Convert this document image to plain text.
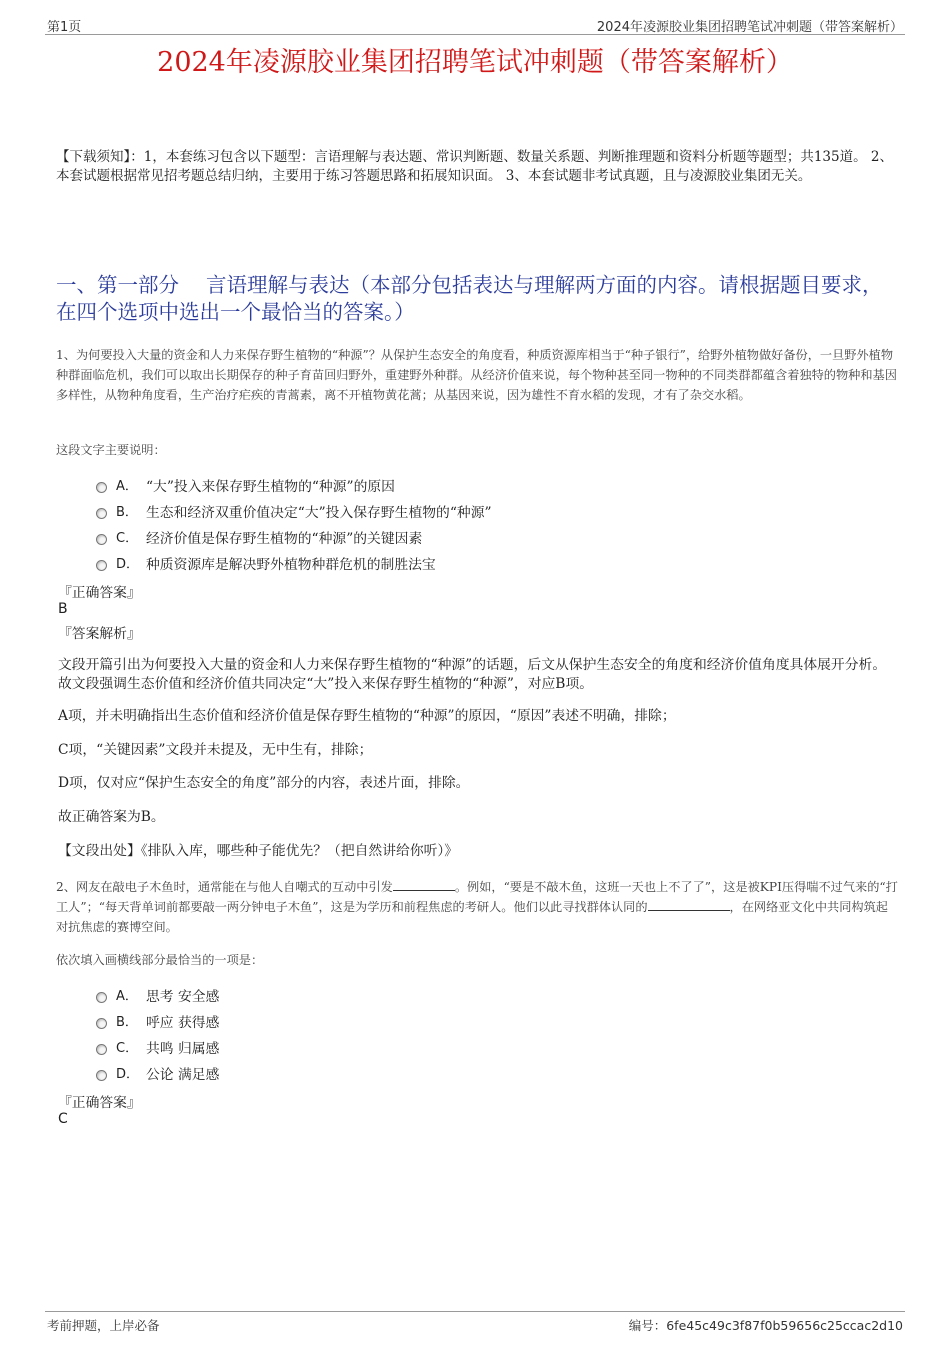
第1页	2024年凌源胶业集团招聘笔试冲刺题（带答案解析）
2024年凌源胶业集团招聘笔试冲刺题（带答案解析）
【下载须知】：1，本套练习包含以下题型：言语理解与表达题、常识判断题、数量关系题、判断推理题和资料分析题等题型；共135道。 2、本套试题根据常见招考题总结归纳，主要用于练习答题思路和拓展知识面。 3、本套试题非考试真题，且与凌源胶业集团无关。
一、第一部分　 言语理解与表达（本部分包括表达与理解两方面的内容。请根据题目要求，在四个选项中选出一个最恰当的答案。）
1、为何要投入大量的资金和人力来保存野生植物的“种源”？从保护生态安全的角度看，种质资源库相当于“种子银行”，给野外植物做好备份，一旦野外植物种群面临危机，我们可以取出长期保存的种子育苗回归野外，重建野外种群。从经济价值来说，每个物种甚至同一物种的不同类群都蕴含着独特的物种和基因多样性，从物种角度看，生产治疗疟疾的青蒿素，离不开植物黄花蒿；从基因来说，因为雄性不育水稻的发现，才有了杂交水稻。
这段文字主要说明：
A． “大”投入来保存野生植物的“种源”的原因
B． 生态和经济双重价值决定“大”投入保存野生植物的“种源”
C． 经济价值是保存野生植物的“种源”的关键因素
D． 种质资源库是解决野外植物种群危机的制胜法宝
『正确答案』
B
『答案解析』
文段开篇引出为何要投入大量的资金和人力来保存野生植物的“种源”的话题，后文从保护生态安全的角度和经济价值角度具体展开分析。故文段强调生态价值和经济价值共同决定“大”投入来保存野生植物的“种源”，对应B项。
A项，并未明确指出生态价值和经济价值是保存野生植物的“种源”的原因，“原因”表述不明确，排除；
C项，“关键因素”文段并未提及，无中生有，排除；
D项，仅对应“保护生态安全的角度”部分的内容，表述片面，排除。
故正确答案为B。
【文段出处】《排队入库，哪些种子能优先？（把自然讲给你听）》
2、网友在敲电子木鱼时，通常能在与他人自嘲式的互动中引发	。例如，“要是不敲木鱼，这班一天也上不了了”，这是被KPI压得喘不过气来的“打工人”；“每天背单词前都要敲一两分钟电子木鱼”，这是为学历和前程焦虑的考研人。他们以此寻找群体认同的	，在网络亚文化中共同构筑起对抗焦虑的赛博空间。
依次填入画横线部分最恰当的一项是：
A． 思考 安全感
B． 呼应 获得感
C． 共鸣 归属感
D． 公论 满足感
『正确答案』
C
考前押题，上岸必备	编号：6fe45c49c3f87f0b59656c25ccac2d10
